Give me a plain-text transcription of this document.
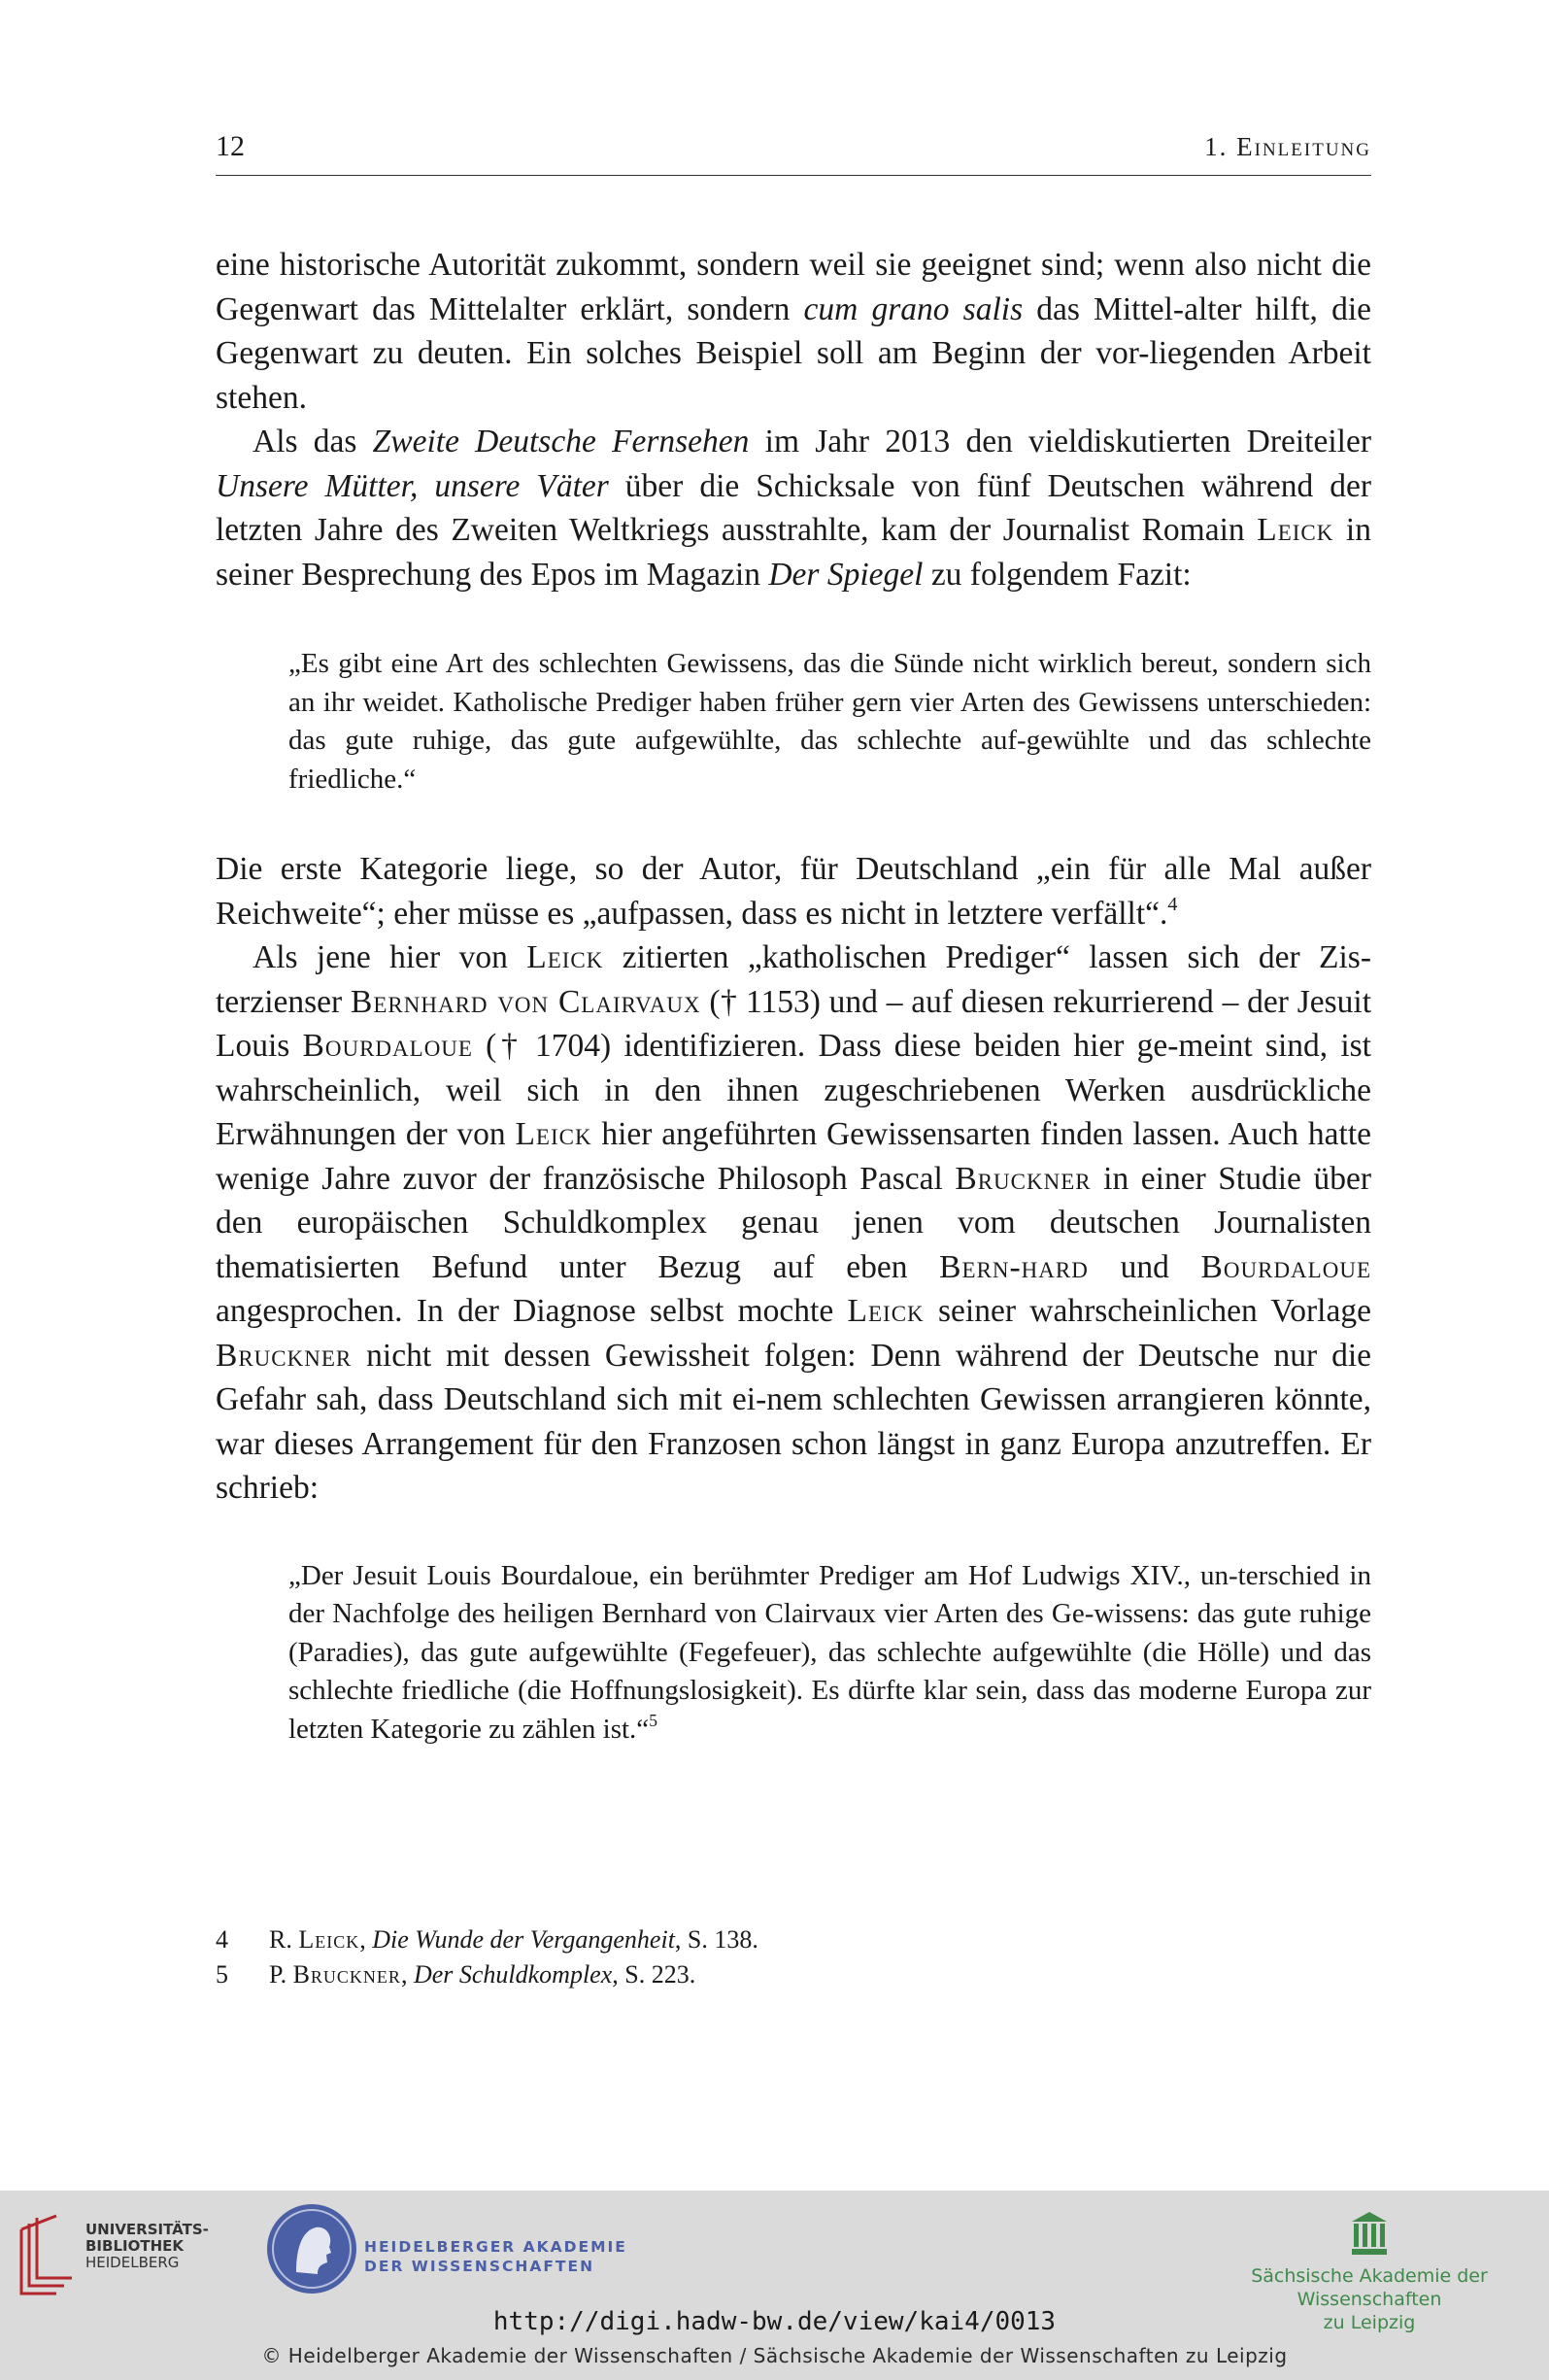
12	1. Einleitung

eine historische Autorität zukommt, sondern weil sie geeignet sind; wenn also nicht die Gegenwart das Mittelalter erklärt, sondern cum grano salis das Mittel-alter hilft, die Gegenwart zu deuten. Ein solches Beispiel soll am Beginn der vor-liegenden Arbeit stehen.

Als das Zweite Deutsche Fernsehen im Jahr 2013 den vieldiskutierten Dreiteiler Unsere Mütter, unsere Väter über die Schicksale von fünf Deutschen während der letzten Jahre des Zweiten Weltkriegs ausstrahlte, kam der Journalist Romain Leick in seiner Besprechung des Epos im Magazin Der Spiegel zu folgendem Fazit:

„Es gibt eine Art des schlechten Gewissens, das die Sünde nicht wirklich bereut, sondern sich an ihr weidet. Katholische Prediger haben früher gern vier Arten des Gewissens unterschieden: das gute ruhige, das gute aufgewühlte, das schlechte auf-gewühlte und das schlechte friedliche.“

Die erste Kategorie liege, so der Autor, für Deutschland „ein für alle Mal außer Reichweite“; eher müsse es „aufpassen, dass es nicht in letztere verfällt“.$^4$

Als jene hier von Leick zitierten „katholischen Prediger“ lassen sich der Zis-terzienser Bernhard von Clairvaux († 1153) und – auf diesen rekurrierend – der Jesuit Louis Bourdaloue († 1704) identifizieren. Dass diese beiden hier ge-meint sind, ist wahrscheinlich, weil sich in den ihnen zugeschriebenen Werken ausdrückliche Erwähnungen der von Leick hier angeführten Gewissensarten finden lassen. Auch hatte wenige Jahre zuvor der französische Philosoph Pascal Bruckner in einer Studie über den europäischen Schuldkomplex genau jenen vom deutschen Journalisten thematisierten Befund unter Bezug auf eben Bern-hard und Bourdaloue angesprochen. In der Diagnose selbst mochte Leick seiner wahrscheinlichen Vorlage Bruckner nicht mit dessen Gewissheit folgen: Denn während der Deutsche nur die Gefahr sah, dass Deutschland sich mit ei-nem schlechten Gewissen arrangieren könnte, war dieses Arrangement für den Franzosen schon längst in ganz Europa anzutreffen. Er schrieb:

„Der Jesuit Louis Bourdaloue, ein berühmter Prediger am Hof Ludwigs XIV., un-terschied in der Nachfolge des heiligen Bernhard von Clairvaux vier Arten des Ge-wissens: das gute ruhige (Paradies), das gute aufgewühlte (Fegefeuer), das schlechte aufgewühlte (die Hölle) und das schlechte friedliche (die Hoffnungslosigkeit). Es dürfte klar sein, dass das moderne Europa zur letzten Kategorie zu zählen ist.“$^5$

4	R. Leick, Die Wunde der Vergangenheit, S. 138.
5	P. Bruckner, Der Schuldkomplex, S. 223.
UNIVERSITÄTS-
BIBLIOTHEK
HEIDELBERG
HEIDELBERGER AKADEMIE
DER WISSENSCHAFTEN	Sächsische Akademie der Wissenschaften
zu Leipzig
http://digi.hadw-bw.de/view/kai4/0013
© Heidelberger Akademie der Wissenschaften / Sächsische Akademie der Wissenschaften zu Leipzig
